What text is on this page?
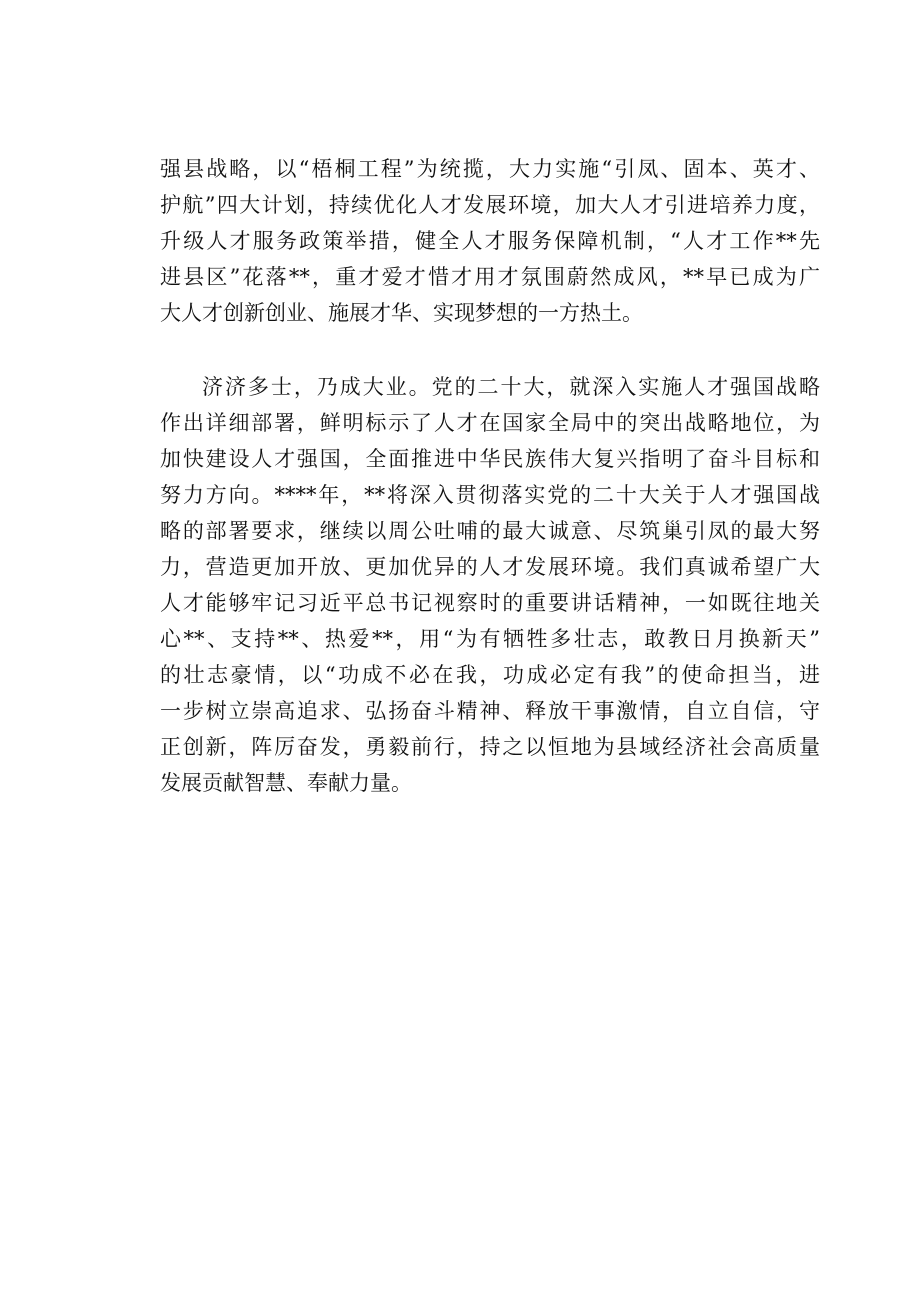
强县战略，以“梧桐工程”为统揽，大力实施“引凤、固本、英才、
护航”四大计划，持续优化人才发展环境，加大人才引进培养力度，
升级人才服务政策举措，健全人才服务保障机制，“人才工作**先
进县区”花落**，重才爱才惜才用才氛围蔚然成风，**早已成为广
大人才创新创业、施展才华、实现梦想的一方热土。
济济多士，乃成大业。党的二十大，就深入实施人才强国战略
作出详细部署，鲜明标示了人才在国家全局中的突出战略地位，为
加快建设人才强国，全面推进中华民族伟大复兴指明了奋斗目标和
努力方向。****年，**将深入贯彻落实党的二十大关于人才强国战
略的部署要求，继续以周公吐哺的最大诚意、尽筑巢引凤的最大努
力，营造更加开放、更加优异的人才发展环境。我们真诚希望广大
人才能够牢记习近平总书记视察时的重要讲话精神，一如既往地关
心**、支持**、热爱**，用“为有牺牲多壮志，敢教日月换新天”
的壮志豪情，以“功成不必在我，功成必定有我”的使命担当，进
一步树立崇高追求、弘扬奋斗精神、释放干事激情，自立自信，守
正创新，阵厉奋发，勇毅前行，持之以恒地为县域经济社会高质量
发展贡献智慧、奉献力量。
